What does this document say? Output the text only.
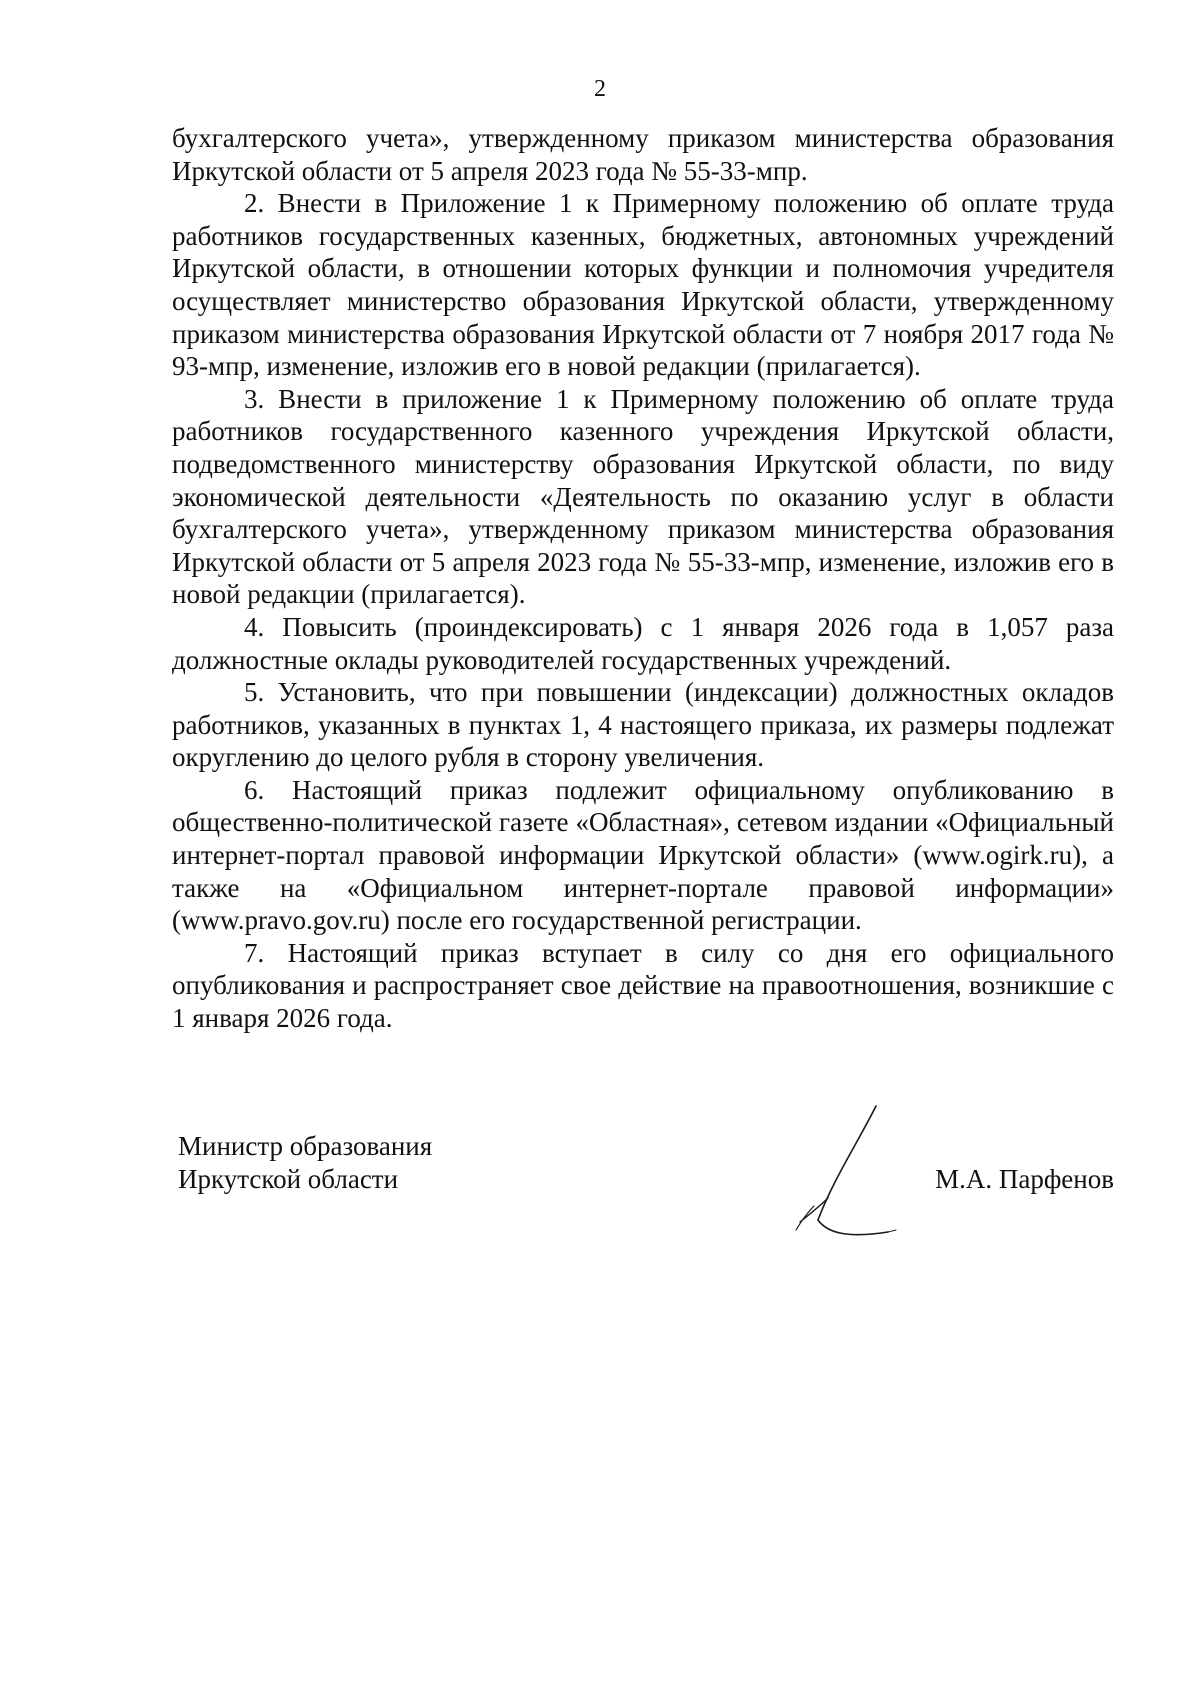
2

бухгалтерского учета», утвержденному приказом министерства образования Иркутской области от 5 апреля 2023 года № 55-33-мпр.

2. Внести в Приложение 1 к Примерному положению об оплате труда работников государственных казенных, бюджетных, автономных учреждений Иркутской области, в отношении которых функции и полномочия учредителя осуществляет министерство образования Иркутской области, утвержденному приказом министерства образования Иркутской области от 7 ноября 2017 года № 93-мпр, изменение, изложив его в новой редакции (прилагается).

3. Внести в приложение 1 к Примерному положению об оплате труда работников государственного казенного учреждения Иркутской области, подведомственного министерству образования Иркутской области, по виду экономической деятельности «Деятельность по оказанию услуг в области бухгалтерского учета», утвержденному приказом министерства образования Иркутской области от 5 апреля 2023 года № 55-33-мпр, изменение, изложив его в новой редакции (прилагается).

4. Повысить (проиндексировать) с 1 января 2026 года в 1,057 раза должностные оклады руководителей государственных учреждений.

5. Установить, что при повышении (индексации) должностных окладов работников, указанных в пунктах 1, 4 настоящего приказа, их размеры подлежат округлению до целого рубля в сторону увеличения.

6. Настоящий приказ подлежит официальному опубликованию в общественно-политической газете «Областная», сетевом издании «Официальный интернет-портал правовой информации Иркутской области» (www.ogirk.ru), а также на «Официальном интернет-портале правовой информации» (www.pravo.gov.ru) после его государственной регистрации.

7. Настоящий приказ вступает в силу со дня его официального опубликования и распространяет свое действие на правоотношения, возникшие с 1 января 2026 года.

Министр образования
Иркутской области	М.А. Парфенов
